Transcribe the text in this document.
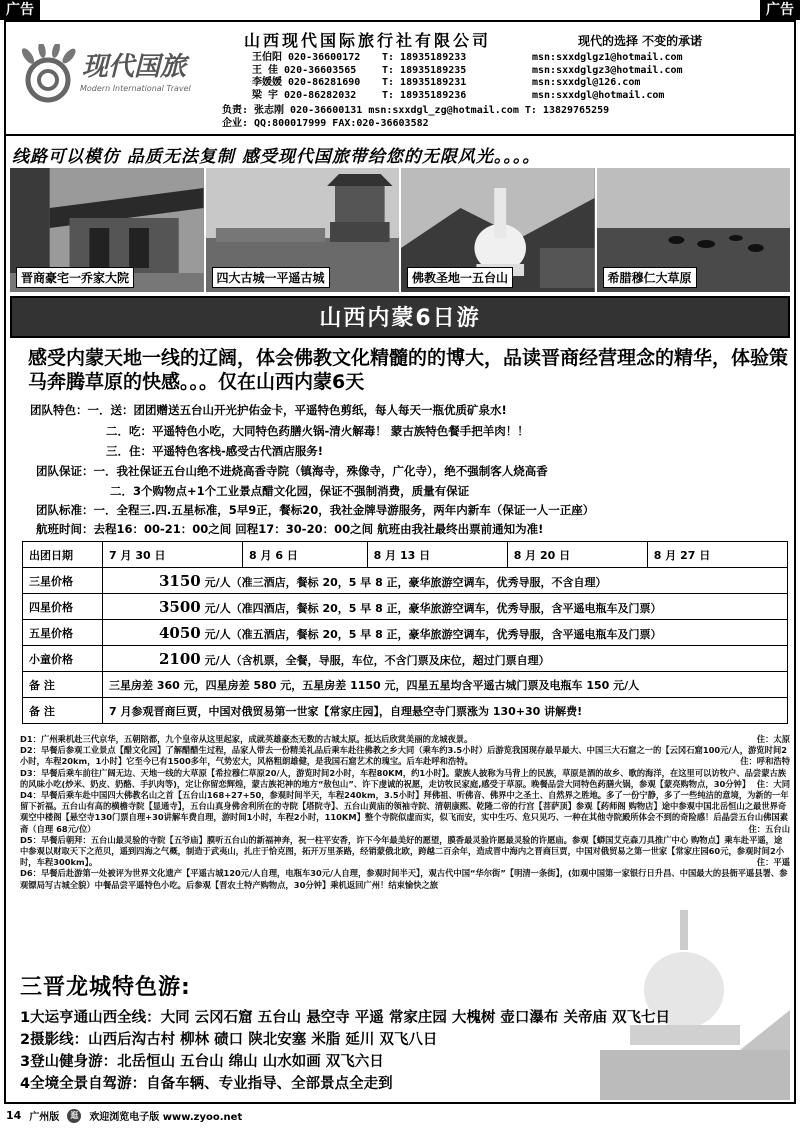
广告	广告
现代国旅
Modern International Travel
山西现代国际旅行社有限公司	现代的选择 不变的承诺
王伯阳 020-36600172	T: 18935189233	msn:sxxdglgz1@hotmail.com
王 佳 020-36603565	T: 18935189235	msn:sxxdglgz3@hotmail.com
李媛媛 020-86281690	T: 18935189231	msn:sxxdgl@126.com
梁 宇 020-86282032	T: 18935189236	msn:sxxdgl@hotmail.com
负责: 张志刚 020-36600131 msn:sxxdgl_zg@hotmail.com T: 13829765259
企业: QQ:800017999 FAX:020-36603582
线路可以模仿 品质无法复制 感受现代国旅带给您的无限风光。。。。
晋商豪宅一乔家大院	四大古城一平遥古城	佛教圣地一五台山	希腊穆仁大草原
山西内蒙6日游
感受内蒙天地一线的辽阔，体会佛教文化精髓的的博大，品读晋商经营理念的精华，体验策马奔腾草原的快感。。。仅在山西内蒙6天
团队特色：一．送：团团赠送五台山开光护佑金卡，平遥特色剪纸，每人每天一瓶优质矿泉水!
二．吃：平遥特色小吃，大同特色药膳火锅-清火解毒！ 蒙古族特色餐手把羊肉！！
三．住：平遥特色客栈-感受古代酒店服务!
团队保证：一．我社保证五台山绝不进烧高香寺院（镇海寺，殊像寺，广化寺），绝不强制客人烧高香
二．3个购物点+1个工业景点醋文化园，保证不强制消费，质量有保证
团队标准：一．全程三.四.五星标准，5早9正，餐标20，我社金牌导游服务，两年内新车（保证一人一正座）
航班时间：去程16：00-21：00之间 回程17：30-20：00之间 航班由我社最终出票前通知为准!
出团日期	7 月 30 日	8 月 6 日	8 月 13 日	8 月 20 日	8 月 27 日
三星价格	3150 元/人（准三酒店，餐标 20，5 早 8 正，豪华旅游空调车，优秀导服，不含自理）				
四星价格	3500 元/人（准四酒店，餐标 20，5 早 8 正，豪华旅游空调车，优秀导服，含平遥电瓶车及门票）				
五星价格	4050 元/人（准五酒店，餐标 20，5 早 8 正，豪华旅游空调车，优秀导服，含平遥电瓶车及门票）				
小童价格	2100 元/人（含机票，全餐，导服，车位，不含门票及床位，超过门票自理）				
备 注	三星房差 360 元，四星房差 580 元，五星房差 1150 元，四星五星均含平遥古城门票及电瓶车 150 元/人				
备 注	7 月参观晋商巨贾，中国对俄贸易第一世家【常家庄园】，自理悬空寺门票涨为 130+30 讲解费!				

住：太原
D1：广州乘机赴三代京华，五朝陪都，九个皇帝从这里起家，成就英雄豪杰无数的古城太原。抵达后欣赏美丽的龙城夜景。

D2：早餐后参观工业景点【醋文化园】了解醋醋生过程，品家人带去一份精美礼品后乘车赴往佛教之乡大同（乘车约3.5小时）后游览我国现存最早最大、中国三大石窟之一的【云冈石窟100元/人，游览时间2小时，车程20km，1小时】它至今已有1500多年，气势宏大，风格粗朗雄健，是我国石窟艺术的瑰宝。后车赴呼和浩特。	住：呼和浩特

D3：早餐后乘车前往广阔无边、天地一线的大草原【希拉穆仁草原20/人，游览时间2小时，车程80KM，约1小时】。蒙族人披称为马背上的民族，草原是酒的故乡、歌的海洋，在这里可以访牧户、品尝蒙古族的风味小吃(炒米、奶皮、奶酪、手扒肉等)，定让你留恋辉煌，蒙古族祀神的地方“敖包山”、许下虔诚的祝愿，走访牧民家庭,感受于草原。晚餐品尝大同特色药膳火锅，参观【蒙亮购物点，30分钟】 住：大同

D4：早餐后乘车赴中国四大佛教名山之首【五台山168+27+50，参观时间半天，车程240km，3.5小时】拜佛祖、听佛音、佛界中之圣土、自然界之胜地。多了一份宁静，多了一些纯洁的意境，为新的一年留下祈福。五台山有高的横檐寺院【显通寺】，五台山真身佛舍利所在的寺院【塔院寺】、五台山黄庙的领袖寺院、清朝康熙、乾隆二帝的行宫【菩萨顶】参观【药师阁 购物店】途中参观中国北岳恒山之最世界奇观空中楼阁【悬空寺130门票自理+30讲解车费自理，游时间1小时，车程2小时，110KM】整个寺院似虚而实，似飞而安，实中生巧、危只见巧、一种在其他寺院殿所体会不到的奇险感！后晶尝五台山佛国素斋（自理 68元/位）	住：五台山

D5：早餐后朝拜：五台山最灵验的寺院【五爷庙】膜听五台山的新福神奔，祝一柱平安香，许下今年最美好的愿望，膜香最灵验许愿最灵验的许愿庙。参观【蟒国艾克森刀具推广中心 购物点】乘车赴平遥，途中参观以财取天下之范贝，遥到四海之气概，制造于武夷山，扎庄于恰克图，拓开万里茶路，经销蒙俄北欧，跨越二百余年，造成晋中海内之晋商巨贾，中国对俄贸易之第一世家【常家庄园60元，参观时间2小时，车程300km】。	住：平遥

D6：早餐后赴游第一处被评为世界文化遗产【平遥古城120元/人自理，电瓶车30元/人自理，参观时间半天】，观古代中国“华尔街”【明清一条街】，(如观中国第一家银行日升昌、中国最大的县衙平遥县署、参观镖局写古城全貌）中餐品尝平遥特色小吃。后参观【晋农土特产购物点，30分钟】乘机返回广州！结束愉快之旅

三晋龙城特色游:
1大运亨通山西全线：大同 云冈石窟 五台山 悬空寺 平遥 常家庄园 大槐树 壶口瀑布 关帝庙 双飞七日
2摄影线：山西后沟古村 柳林 碛口 陕北安塞 米脂 延川 双飞八日
3登山健身游：北岳恒山 五台山 绵山 山水如画 双飞六日
4全境全景自驾游：自备车辆、专业指导、全部景点全走到
14 广州版	逛	欢迎浏览电子版 www.zyoo.net
